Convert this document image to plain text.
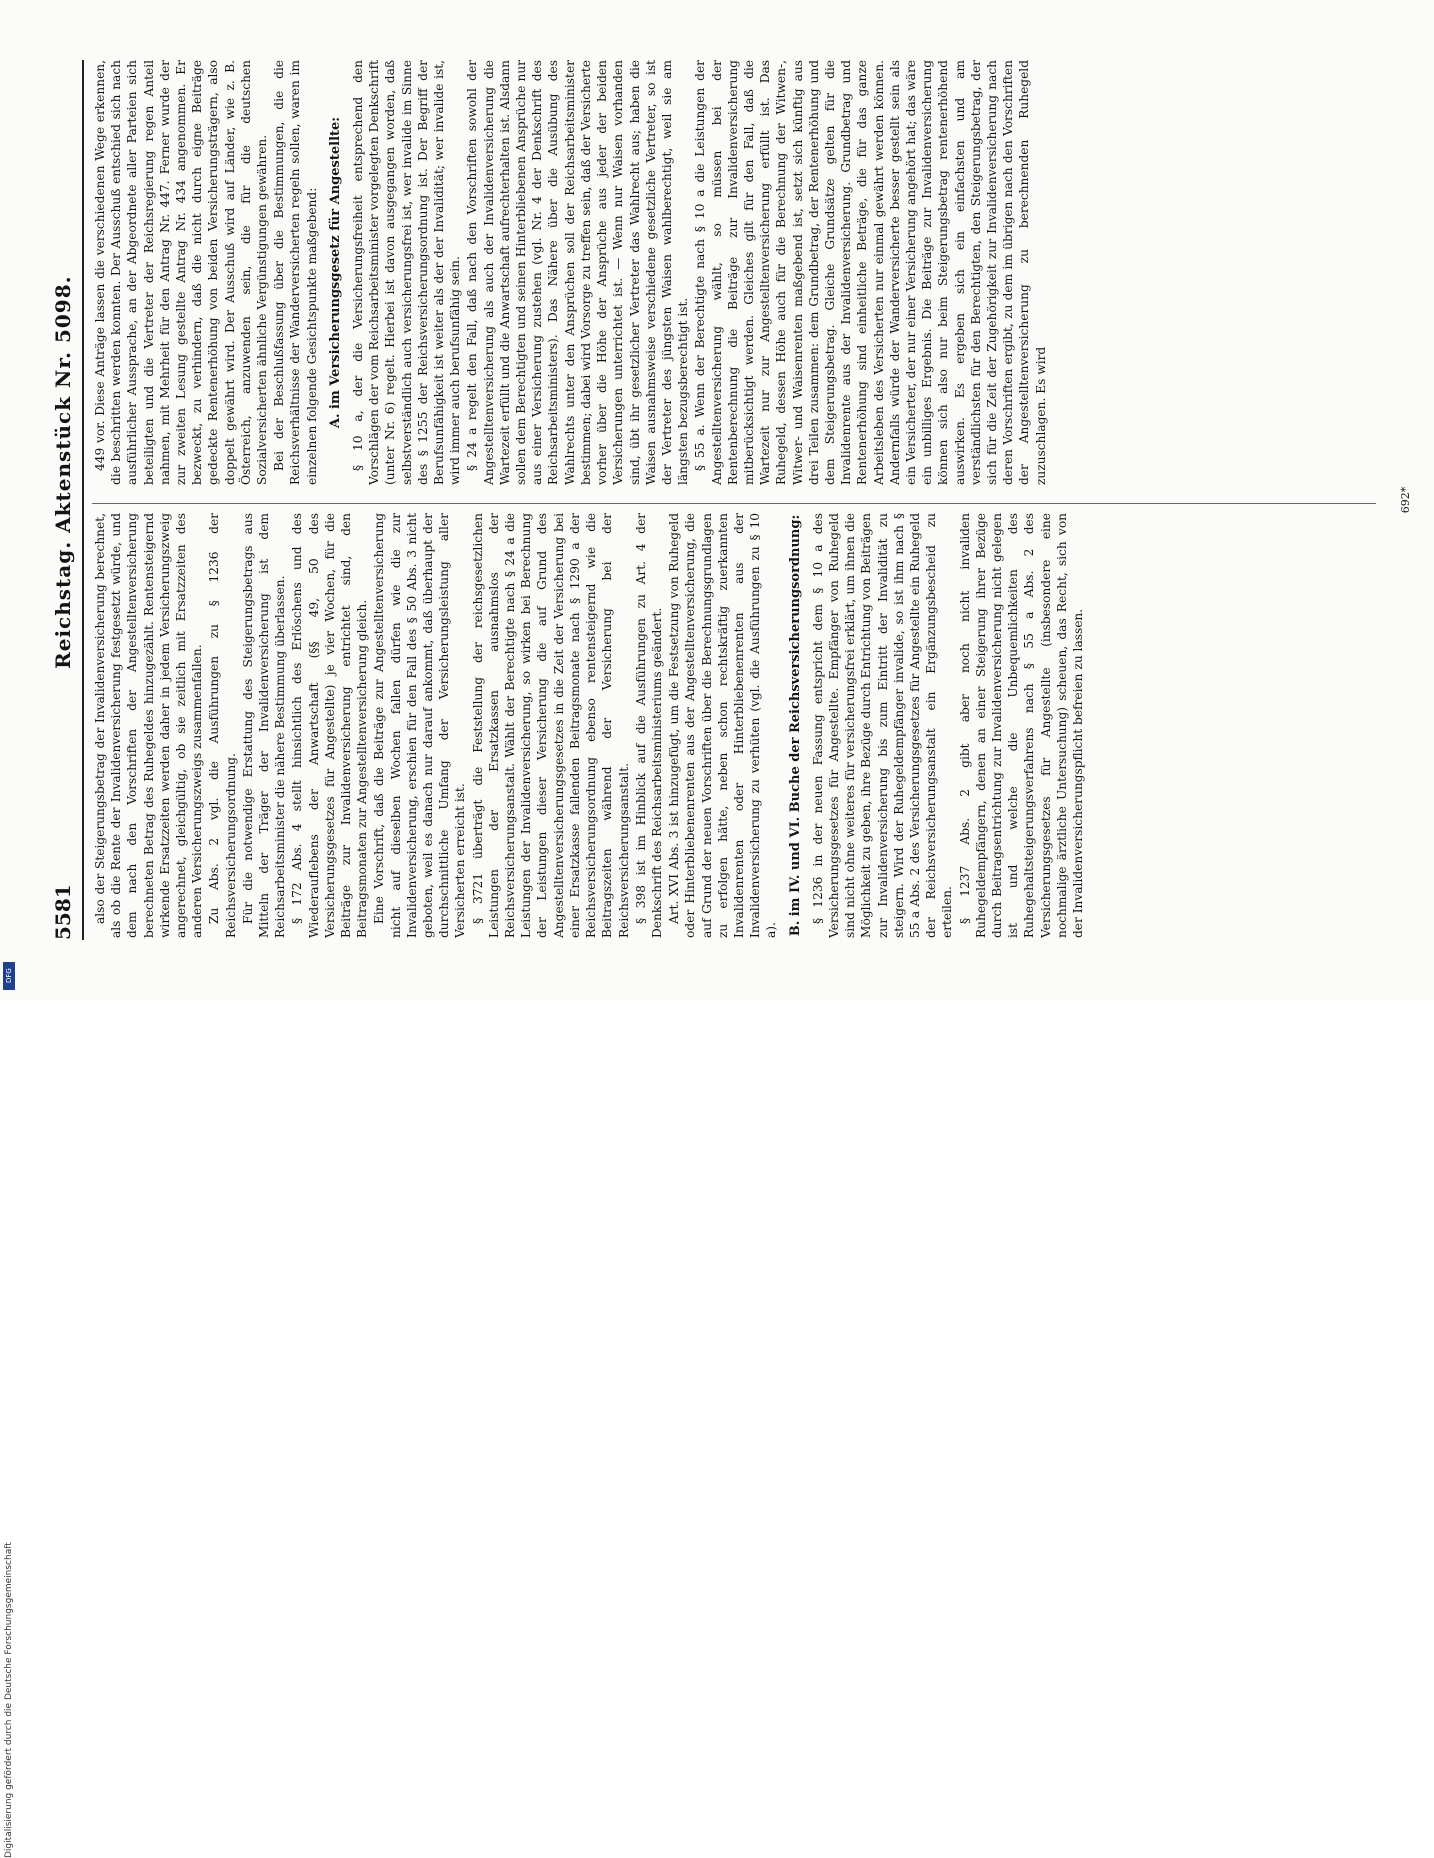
5581
Reichstag. Aktenstück Nr. 5098.

also der Steigerungsbetrag der Invalidenversicherung berechnet, als ob die Rente der Invalidenversicherung festgesetzt würde, und dem nach den Vorschriften der Angestelltenversicherung berechneten Betrag des Ruhegeldes hinzugezählt. Rentensteigernd wirkende Ersatzzeiten werden daher in jedem Versicherungszweig angerechnet, gleichgültig, ob sie zeitlich mit Ersatzzeiten des anderen Versicherungszweigs zusammenfallen. Zu Abs. 2 vgl. die Ausführungen zu § 1236 der Reichsversicherungsordnung. Für die notwendige Erstattung des Steigerungsbetrags aus Mitteln der Träger der Invalidenversicherung ist dem Reichsarbeitsminister die nähere Bestimmung überlassen. § 172 Abs. 4 stellt hinsichtlich des Erlöschens und des Wiederauflebens der Anwartschaft (§§ 49, 50 des Versicherungsgesetzes für Angestellte) je vier Wochen, für die Beiträge zur Invalidenversicherung entrichtet sind, den Beitragsmonaten zur Angestelltenversicherung gleich. Eine Vorschrift, daß die Beiträge zur Angestelltenversicherung nicht auf dieselben Wochen fallen dürfen wie die zur Invalidenversicherung, erschien für den Fall des § 50 Abs. 3 nicht geboten, weil es danach nur darauf ankommt, daß überhaupt der durchschnittliche Umfang der Versicherungsleistung aller Versicherten erreicht ist. § 3721 überträgt die Feststellung der reichsgesetzlichen Leistungen der Ersatzkassen ausnahmslos der Reichsversicherungsanstalt. Wählt der Berechtigte nach § 24 a die Leistungen der Invalidenversicherung, so wirken bei Berechnung der Leistungen dieser Versicherung die auf Grund des Angestelltenversicherungsgesetzes in die Zeit der Versicherung bei einer Ersatzkasse fallenden Beitragsmonate nach § 1290 a der Reichsversicherungsordnung ebenso rentensteigernd wie die Beitragszeiten während der Versicherung bei der Reichsversicherungsanstalt. § 398 ist im Hinblick auf die Ausführungen zu Art. 4 der Denkschrift des Reichsarbeitsministeriums geändert. Art. XVI Abs. 3 ist hinzugefügt, um die Festsetzung von Ruhegeld oder Hinterbliebenenrenten aus der Angestelltenversicherung, die auf Grund der neuen Vorschriften über die Berechnungsgrundlagen zu erfolgen hätte, neben schon rechtskräftig zuerkannten Invalidenrenten oder Hinterbliebenenrenten aus der Invalidenversicherung zu verhüten (vgl. die Ausführungen zu § 10 a). B. im IV. und VI. Buche der Reichsversicherungsordnung: § 1236 in der neuen Fassung entspricht dem § 10 a des Versicherungsgesetzes für Angestellte. Empfänger von Ruhegeld sind nicht ohne weiteres für versicherungsfrei erklärt, um ihnen die Möglichkeit zu geben, ihre Bezüge durch Entrichtung von Beiträgen zur Invalidenversicherung bis zum Eintritt der Invalidität zu steigern. Wird der Ruhegeldempfänger invalide, so ist ihm nach § 55 a Abs. 2 des Versicherungsgesetzes für Angestellte ein Ruhegeld der Reichsversicherungsanstalt ein Ergänzungsbescheid zu erteilen. § 1237 Abs. 2 gibt aber noch nicht invaliden Ruhegeldempfängern, denen an einer Steigerung ihrer Bezüge durch Beitragsentrichtung zur Invalidenversicherung nicht gelegen ist und welche die Unbequemlichkeiten des Ruhegehaltsteigerungsverfahrens nach § 55 a Abs. 2 des Versicherungsgesetzes für Angestellte (insbesondere eine nochmalige ärztliche Untersuchung) scheuen, das Recht, sich von der Invalidenversicherungspflicht befreien zu lassen.

449 vor. Diese Anträge lassen die verschiedenen Wege erkennen, die beschritten werden konnten. Der Ausschuß entschied sich nach ausführlicher Aussprache, an der Abgeordnete aller Parteien sich beteiligten und die Vertreter der Reichsregierung regen Anteil nahmen, mit Mehrheit für den Antrag Nr. 447. Ferner wurde der zur zweiten Lesung gestellte Antrag Nr. 434 angenommen. Er bezweckt, zu verhindern, daß die nicht durch eigne Beiträge gedeckte Rentenerhöhung von beiden Versicherungsträgern, also doppelt gewährt wird. Der Ausschuß wird auf Länder, wie z. B. Österreich, anzuwenden sein, die für die deutschen Sozialversicherten ähnliche Vergünstigungen gewähren. Bei der Beschlußfassung über die Bestimmungen, die die Reichsverhältnisse der Wanderversicherten regeln sollen, waren im einzelnen folgende Gesichtspunkte maßgebend: A. im Versicherungsgesetz für Angestellte: § 10 a, der die Versicherungsfreiheit entsprechend den Vorschlägen der vom Reichsarbeitsminister vorgelegten Denkschrift (unter Nr. 6) regelt. Hierbei ist davon ausgegangen worden, daß selbstverständlich auch versicherungsfrei ist, wer invalide im Sinne des § 1255 der Reichsversicherungsordnung ist. Der Begriff der Berufsunfähigkeit ist weiter als der der Invalidität; wer invalide ist, wird immer auch berufsunfähig sein. § 24 a regelt den Fall, daß nach den Vorschriften sowohl der Angestelltenversicherung als auch der Invalidenversicherung die Wartezeit erfüllt und die Anwartschaft aufrechterhalten ist. Alsdann sollen dem Berechtigten und seinen Hinterbliebenen Ansprüche nur aus einer Versicherung zustehen (vgl. Nr. 4 der Denkschrift des Reichsarbeitsministers). Das Nähere über die Ausübung des Wahlrechts unter den Ansprüchen soll der Reichsarbeitsminister bestimmen; dabei wird Vorsorge zu treffen sein, daß der Versicherte vorher über die Höhe der Ansprüche aus jeder der beiden Versicherungen unterrichtet ist. — Wenn nur Waisen vorhanden sind, übt ihr gesetzlicher Vertreter das Wahlrecht aus; haben die Waisen ausnahmsweise verschiedene gesetzliche Vertreter, so ist der Vertreter des jüngsten Waisen wahlberechtigt, weil sie am längsten bezugsberechtigt ist. § 55 a. Wenn der Berechtigte nach § 10 a die Leistungen der Angestelltenversicherung wählt, so müssen bei der Rentenberechnung die Beiträge zur Invalidenversicherung mitberücksichtigt werden. Gleiches gilt für den Fall, daß die Wartezeit nur zur Angestelltenversicherung erfüllt ist. Das Ruhegeld, dessen Höhe auch für die Berechnung der Witwen-, Witwer- und Waisenrenten maßgebend ist, setzt sich künftig aus drei Teilen zusammen: dem Grundbetrag, der Rentenerhöhung und dem Steigerungsbetrag. Gleiche Grundsätze gelten für die Invalidenrente aus der Invalidenversicherung. Grundbetrag und Rentenerhöhung sind einheitliche Beträge, die für das ganze Arbeitsleben des Versicherten nur einmal gewährt werden können. Andernfalls würde der Wanderversicherte besser gestellt sein als ein Versicherter, der nur einer Versicherung angehört hat; das wäre ein unbilliges Ergebnis. Die Beiträge zur Invalidenversicherung können sich also nur beim Steigerungsbetrag rentenerhöhend auswirken. Es ergeben sich ein einfachsten und am verständlichsten für den Berechtigten, den Steigerungsbetrag, der sich für die Zeit der Zugehörigkeit zur Invalidenversicherung nach deren Vorschriften ergibt, zu dem im übrigen nach den Vorschriften der Angestelltenversicherung zu berechnenden Ruhegeld zuzuschlagen. Es wird

692*
Digitalisierung gefördert durch die Deutsche Forschungsgemeinschaft
DFG
